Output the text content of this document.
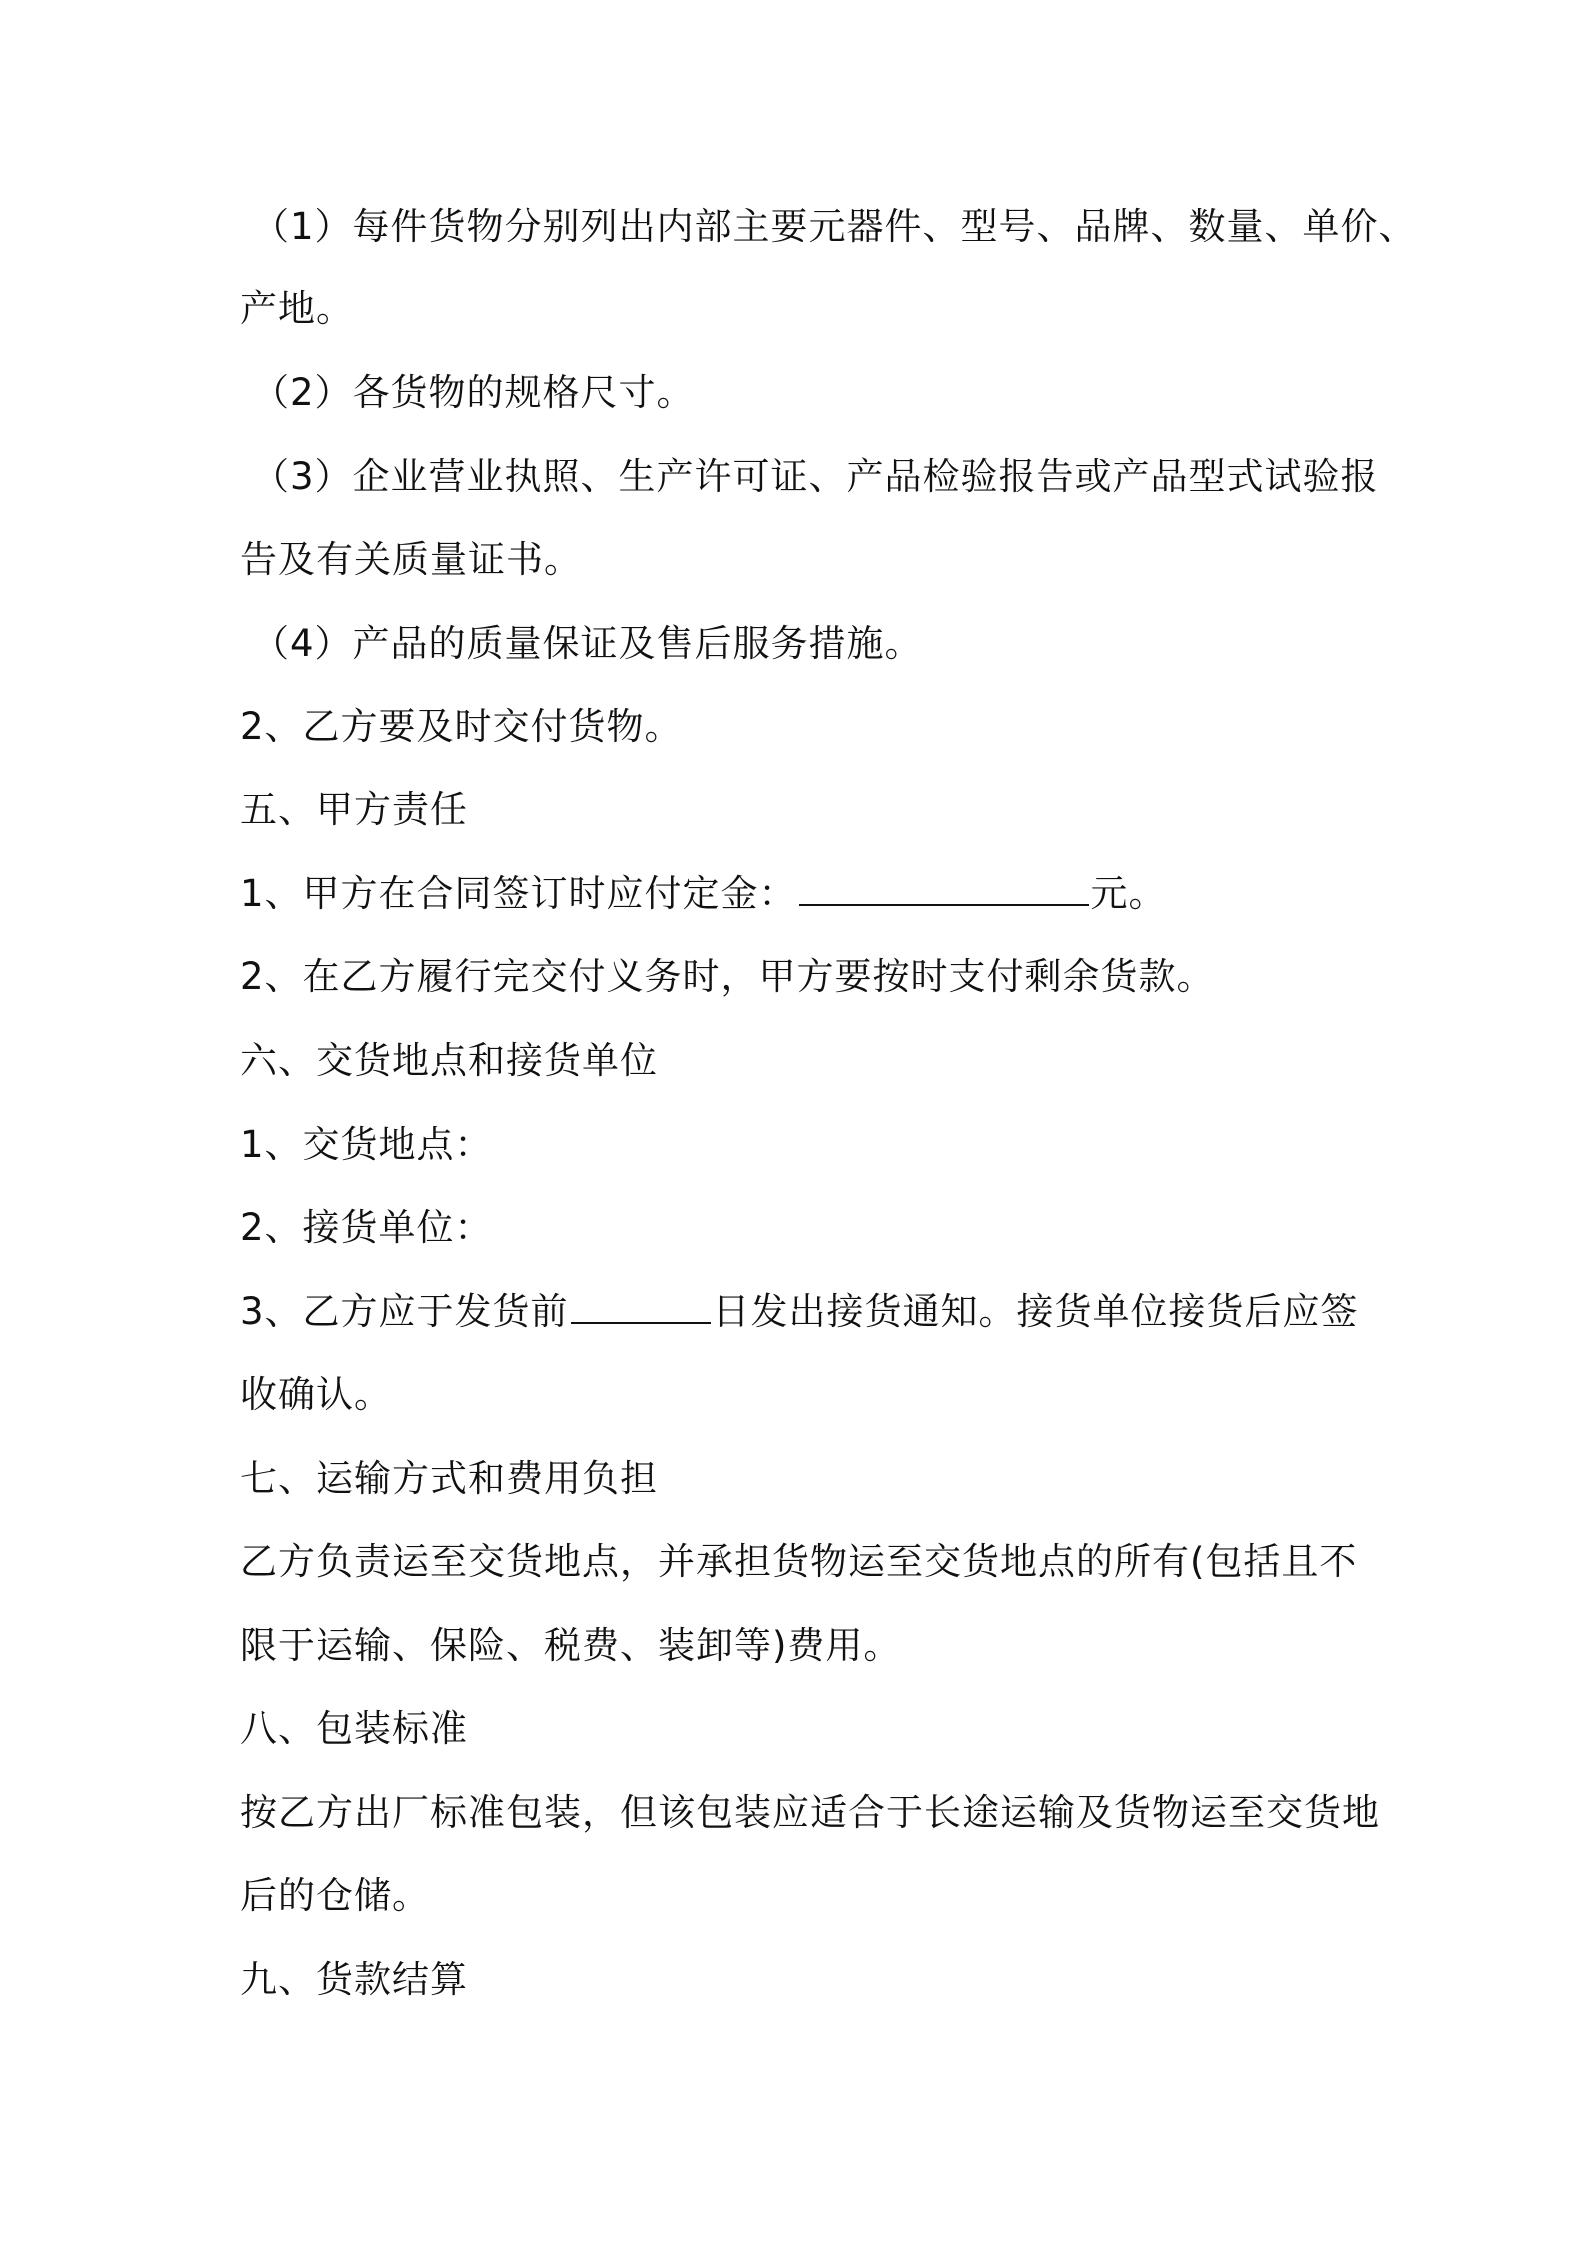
（1）每件货物分别列出内部主要元器件、型号、品牌、数量、单价、
产地。
（2）各货物的规格尺寸。
（3）企业营业执照、生产许可证、产品检验报告或产品型式试验报
告及有关质量证书。
（4）产品的质量保证及售后服务措施。
2、乙方要及时交付货物。
五、甲方责任
1、甲方在合同签订时应付定金：	元。
2、在乙方履行完交付义务时，甲方要按时支付剩余货款。
六、交货地点和接货单位
1、交货地点：
2、接货单位：
3、乙方应于发货前	日发出接货通知。接货单位接货后应签
收确认。
七、运输方式和费用负担
乙方负责运至交货地点，并承担货物运至交货地点的所有(包括且不
限于运输、保险、税费、装卸等)费用。
八、包装标准
按乙方出厂标准包装，但该包装应适合于长途运输及货物运至交货地
后的仓储。
九、货款结算
